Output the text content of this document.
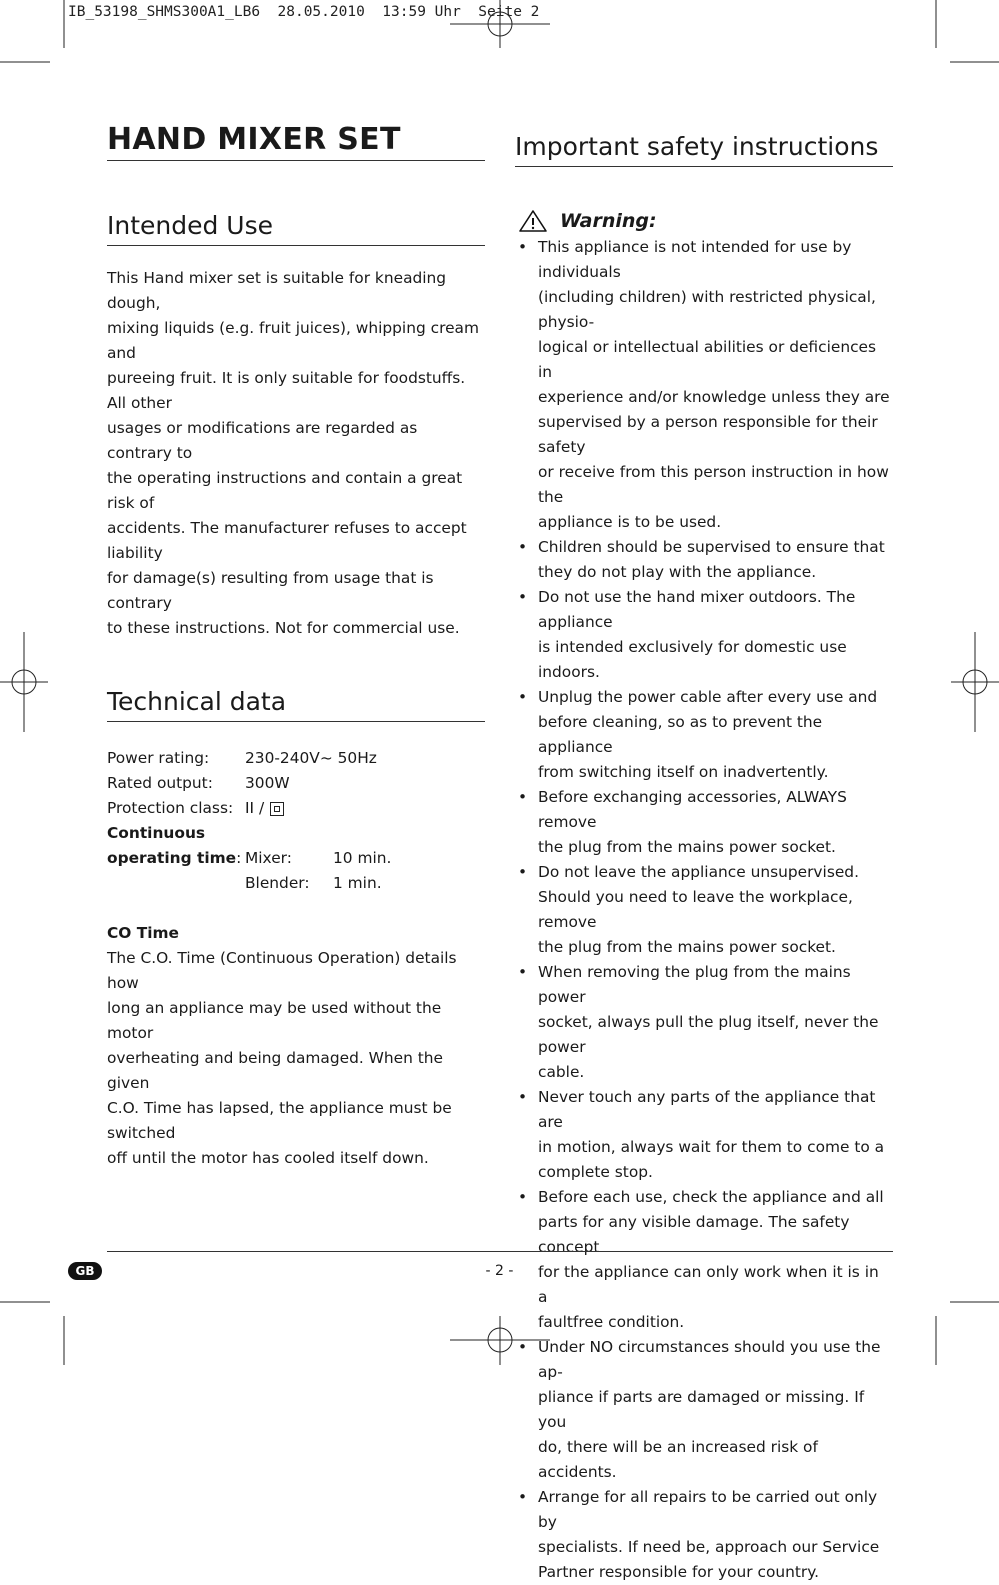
IB_53198_SHMS300A1_LB6  28.05.2010  13:59 Uhr  Seite 2
HAND MIXER SET
Intended Use
This Hand mixer set is suitable for kneading dough,
mixing liquids (e.g. fruit juices), whipping cream and
pureeing fruit. It is only suitable for foodstuffs. All other
usages or modifications are regarded as contrary to
the operating instructions and contain a great risk of
accidents. The manufacturer refuses to accept liability
for damage(s) resulting from usage that is contrary
to these instructions. Not for commercial use.
Technical data
Power rating:	230-240V~ 50Hz
Rated output:	300W
Protection class: II /
Continuous
operating time: Mixer:	10 min.
Blender:	1 min.
CO Time
The C.O. Time (Continuous Operation) details how
long an appliance may be used without the motor
overheating and being damaged. When the given
C.O. Time has lapsed, the appliance must be switched
off until the motor has cooled itself down.
Important safety instructions
Warning:
• This appliance is not intended for use by individuals
(including children) with restricted physical, physio-
logical or intellectual abilities or deficiences in
experience and/or knowledge unless they are
supervised by a person responsible for their safety
or receive from this person instruction in how the
appliance is to be used.
• Children should be supervised to ensure that
they do not play with the appliance.
• Do not use the hand mixer outdoors. The appliance
is intended exclusively for domestic use indoors.
• Unplug the power cable after every use and
before cleaning, so as to prevent the appliance
from switching itself on inadvertently.
• Before exchanging accessories, ALWAYS remove
the plug from the mains power socket.
• Do not leave the appliance unsupervised.
Should you need to leave the workplace, remove
the plug from the mains power socket.
• When removing the plug from the mains power
socket, always pull the plug itself, never the power
cable.
• Never touch any parts of the appliance that are
in motion, always wait for them to come to a
complete stop.
• Before each use, check the appliance and all
parts for any visible damage. The safety concept
for the appliance can only work when it is in a
faultfree condition.
• Under NO circumstances should you use the ap-
pliance if parts are damaged or missing. If you
do, there will be an increased risk of accidents.
• Arrange for all repairs to be carried out only by
specialists. If need be, approach our Service
Partner responsible for your country.
GB	- 2 -
